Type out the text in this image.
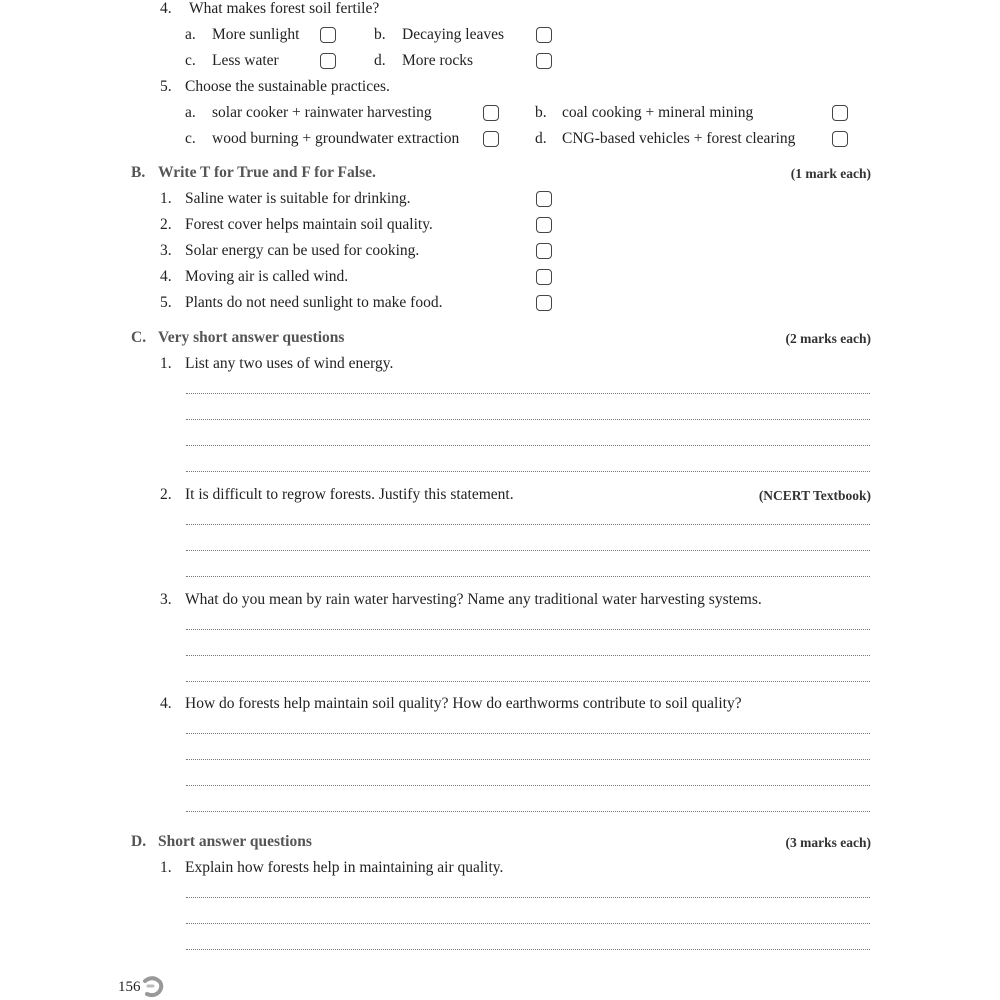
4. What makes forest soil fertile?
a. More sunlight	b. Decaying leaves
c. Less water	d. More rocks
5. Choose the sustainable practices.
a. solar cooker + rainwater harvesting	b. coal cooking + mineral mining
c. wood burning + groundwater extraction	d. CNG-based vehicles + forest clearing
B. Write T for True and F for False.	(1 mark each)
1. Saline water is suitable for drinking.
2. Forest cover helps maintain soil quality.
3. Solar energy can be used for cooking.
4. Moving air is called wind.
5. Plants do not need sunlight to make food.
C. Very short answer questions	(2 marks each)
1. List any two uses of wind energy.
2. It is difficult to regrow forests. Justify this statement.	(NCERT Textbook)
3. What do you mean by rain water harvesting? Name any traditional water harvesting systems.
4. How do forests help maintain soil quality? How do earthworms contribute to soil quality?
D. Short answer questions	(3 marks each)
1. Explain how forests help in maintaining air quality.
156
